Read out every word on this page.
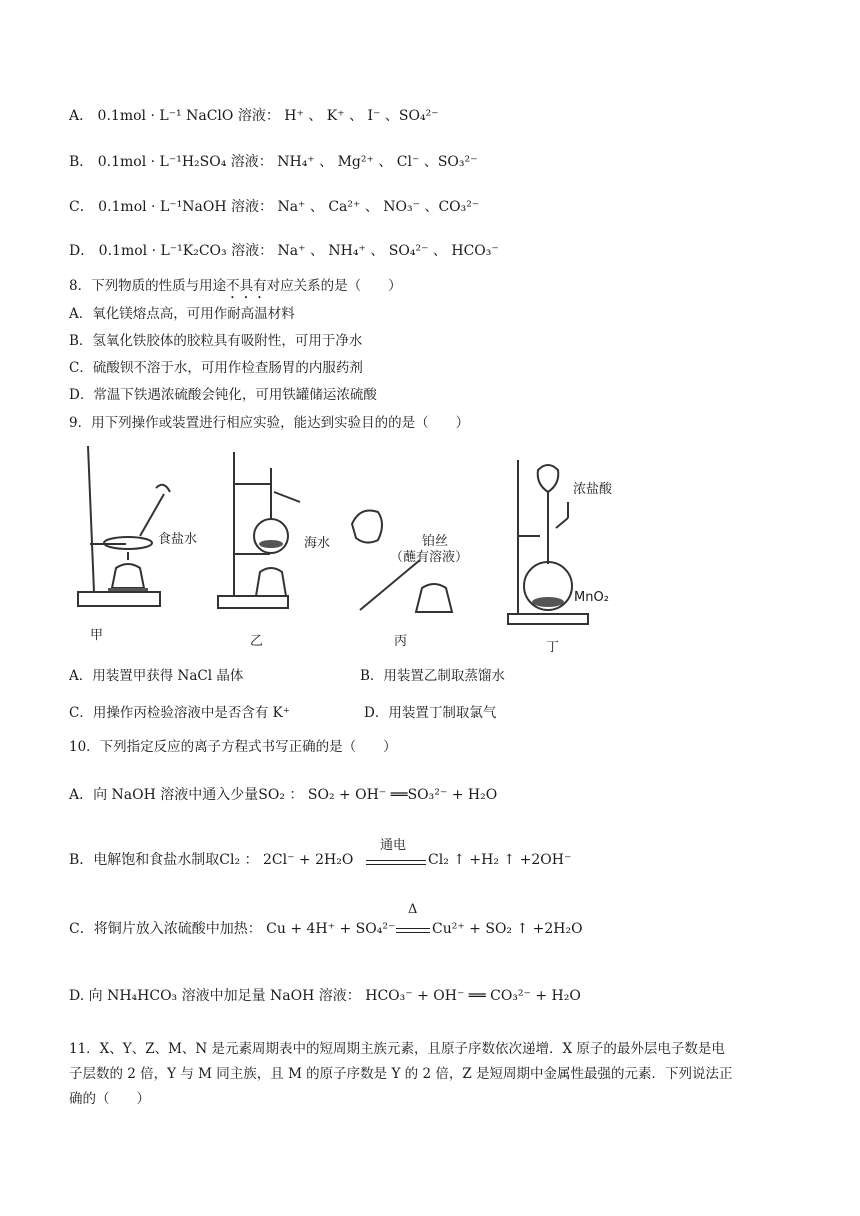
A． 0.1mol · L⁻¹ NaClO 溶液： H⁺ 、 K⁺ 、 I⁻ 、SO₄²⁻
B． 0.1mol · L⁻¹H₂SO₄ 溶液： NH₄⁺ 、 Mg²⁺ 、 Cl⁻ 、SO₃²⁻
C． 0.1mol · L⁻¹NaOH 溶液： Na⁺ 、 Ca²⁺ 、 NO₃⁻ 、CO₃²⁻
D． 0.1mol · L⁻¹K₂CO₃ 溶液： Na⁺ 、 NH₄⁺ 、 SO₄²⁻ 、 HCO₃⁻
8．下列物质的性质与用途不具有对应关系的是（　　）
A．氧化镁熔点高，可用作耐高温材料
B．氢氧化铁胶体的胶粒具有吸附性，可用于净水
C．硫酸钡不溶于水，可用作检查肠胃的内服药剂
D．常温下铁遇浓硫酸会钝化，可用铁罐储运浓硫酸
9．用下列操作或装置进行相应实验，能达到实验目的的是（　　）
食盐水	海水	铂丝
（蘸有溶液）
浓盐酸
MnO₂
甲	乙	丙	丁
A．用装置甲获得 NaCl 晶体	B．用装置乙制取蒸馏水
C．用操作丙检验溶液中是否含有 K⁺	D．用装置丁制取氯气
10．下列指定反应的离子方程式书写正确的是（　　）
A．向 NaOH 溶液中通入少量SO₂ ： SO₂ + OH⁻ ══SO₃²⁻ + H₂O
B．电解饱和食盐水制取Cl₂ ： 2Cl⁻ + 2H₂O
通电
Cl₂ ↑ +H₂ ↑ +2OH⁻
C．将铜片放入浓硫酸中加热： Cu + 4H⁺ + SO₄²⁻
Δ
Cu²⁺ + SO₂ ↑ +2H₂O
D. 向 NH₄HCO₃ 溶液中加足量 NaOH 溶液： HCO₃⁻ + OH⁻ ══ CO₃²⁻ + H₂O
11．X、Y、Z、M、N 是元素周期表中的短周期主族元素，且原子序数依次递增．X 原子的最外层电子数是电
子层数的 2 倍，Y 与 M 同主族，且 M 的原子序数是 Y 的 2 倍，Z 是短周期中金属性最强的元素．下列说法正
确的（　　）
